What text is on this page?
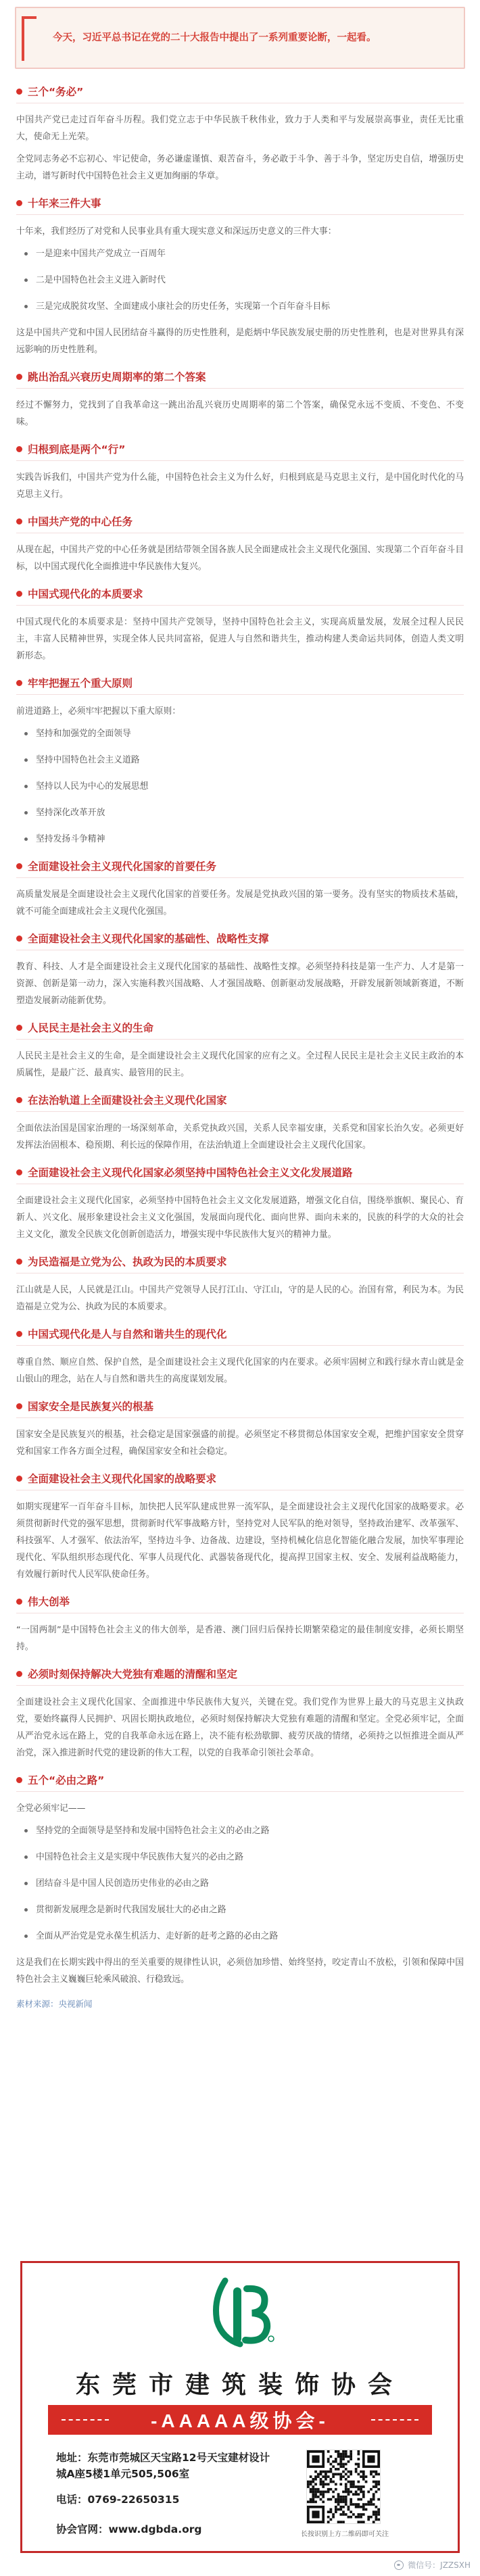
今天，习近平总书记在党的二十大报告中提出了一系列重要论断，一起看。
三个“务必”

中国共产党已走过百年奋斗历程。我们党立志于中华民族千秋伟业，致力于人类和平与发展崇高事业，责任无比重大，使命无上光荣。

全党同志务必不忘初心、牢记使命，务必谦虚谨慎、艰苦奋斗，务必敢于斗争、善于斗争，坚定历史自信，增强历史主动，谱写新时代中国特色社会主义更加绚丽的华章。

十年来三件大事

十年来，我们经历了对党和人民事业具有重大现实意义和深远历史意义的三件大事：

一是迎来中国共产党成立一百周年
二是中国特色社会主义进入新时代
三是完成脱贫攻坚、全面建成小康社会的历史任务，实现第一个百年奋斗目标

这是中国共产党和中国人民团结奋斗赢得的历史性胜利，是彪炳中华民族发展史册的历史性胜利，也是对世界具有深远影响的历史性胜利。

跳出治乱兴衰历史周期率的第二个答案

经过不懈努力，党找到了自我革命这一跳出治乱兴衰历史周期率的第二个答案，确保党永远不变质、不变色、不变味。

归根到底是两个“行”

实践告诉我们，中国共产党为什么能，中国特色社会主义为什么好，归根到底是马克思主义行，是中国化时代化的马克思主义行。

中国共产党的中心任务

从现在起，中国共产党的中心任务就是团结带领全国各族人民全面建成社会主义现代化强国、实现第二个百年奋斗目标，以中国式现代化全面推进中华民族伟大复兴。

中国式现代化的本质要求

中国式现代化的本质要求是：坚持中国共产党领导，坚持中国特色社会主义，实现高质量发展，发展全过程人民民主，丰富人民精神世界，实现全体人民共同富裕，促进人与自然和谐共生，推动构建人类命运共同体，创造人类文明新形态。

牢牢把握五个重大原则

前进道路上，必须牢牢把握以下重大原则：

坚持和加强党的全面领导
坚持中国特色社会主义道路
坚持以人民为中心的发展思想
坚持深化改革开放
坚持发扬斗争精神
全面建设社会主义现代化国家的首要任务

高质量发展是全面建设社会主义现代化国家的首要任务。发展是党执政兴国的第一要务。没有坚实的物质技术基础，就不可能全面建成社会主义现代化强国。

全面建设社会主义现代化国家的基础性、战略性支撑

教育、科技、人才是全面建设社会主义现代化国家的基础性、战略性支撑。必须坚持科技是第一生产力、人才是第一资源、创新是第一动力，深入实施科教兴国战略、人才强国战略、创新驱动发展战略，开辟发展新领域新赛道，不断塑造发展新动能新优势。

人民民主是社会主义的生命

人民民主是社会主义的生命，是全面建设社会主义现代化国家的应有之义。全过程人民民主是社会主义民主政治的本质属性，是最广泛、最真实、最管用的民主。

在法治轨道上全面建设社会主义现代化国家

全面依法治国是国家治理的一场深刻革命，关系党执政兴国，关系人民幸福安康，关系党和国家长治久安。必须更好发挥法治固根本、稳预期、利长远的保障作用，在法治轨道上全面建设社会主义现代化国家。

全面建设社会主义现代化国家必须坚持中国特色社会主义文化发展道路

全面建设社会主义现代化国家，必须坚持中国特色社会主义文化发展道路，增强文化自信，围绕举旗帜、聚民心、育新人、兴文化、展形象建设社会主义文化强国，发展面向现代化、面向世界、面向未来的，民族的科学的大众的社会主义文化，激发全民族文化创新创造活力，增强实现中华民族伟大复兴的精神力量。

为民造福是立党为公、执政为民的本质要求

江山就是人民，人民就是江山。中国共产党领导人民打江山、守江山，守的是人民的心。治国有常，利民为本。为民造福是立党为公、执政为民的本质要求。

中国式现代化是人与自然和谐共生的现代化

尊重自然、顺应自然、保护自然，是全面建设社会主义现代化国家的内在要求。必须牢固树立和践行绿水青山就是金山银山的理念，站在人与自然和谐共生的高度谋划发展。

国家安全是民族复兴的根基

国家安全是民族复兴的根基，社会稳定是国家强盛的前提。必须坚定不移贯彻总体国家安全观，把维护国家安全贯穿党和国家工作各方面全过程，确保国家安全和社会稳定。

全面建设社会主义现代化国家的战略要求

如期实现建军一百年奋斗目标，加快把人民军队建成世界一流军队，是全面建设社会主义现代化国家的战略要求。必须贯彻新时代党的强军思想，贯彻新时代军事战略方针，坚持党对人民军队的绝对领导，坚持政治建军、改革强军、科技强军、人才强军、依法治军，坚持边斗争、边备战、边建设，坚持机械化信息化智能化融合发展，加快军事理论现代化、军队组织形态现代化、军事人员现代化、武器装备现代化，提高捍卫国家主权、安全、发展利益战略能力，有效履行新时代人民军队使命任务。

伟大创举

“一国两制”是中国特色社会主义的伟大创举，是香港、澳门回归后保持长期繁荣稳定的最佳制度安排，必须长期坚持。

必须时刻保持解决大党独有难题的清醒和坚定

全面建设社会主义现代化国家、全面推进中华民族伟大复兴，关键在党。我们党作为世界上最大的马克思主义执政党，要始终赢得人民拥护、巩固长期执政地位，必须时刻保持解决大党独有难题的清醒和坚定。全党必须牢记，全面从严治党永远在路上，党的自我革命永远在路上，决不能有松劲歇脚、疲劳厌战的情绪，必须持之以恒推进全面从严治党，深入推进新时代党的建设新的伟大工程，以党的自我革命引领社会革命。

五个“必由之路”

全党必须牢记——

坚持党的全面领导是坚持和发展中国特色社会主义的必由之路
中国特色社会主义是实现中华民族伟大复兴的必由之路
团结奋斗是中国人民创造历史伟业的必由之路
贯彻新发展理念是新时代我国发展壮大的必由之路
全面从严治党是党永葆生机活力、走好新的赶考之路的必由之路

这是我们在长期实践中得出的至关重要的规律性认识，必须倍加珍惜、始终坚持，咬定青山不放松，引领和保障中国特色社会主义巍巍巨轮乘风破浪、行稳致远。

素材来源：央视新闻
东莞市建筑装饰协会
-AAAAA级协会-
地址：东莞市莞城区天宝路12号天宝建材设计城A座5楼1单元505,506室
电话：0769-22650315
协会官网：www.dgbda.org	长按识别上方二维码即可关注
微信号：JZZSXH
